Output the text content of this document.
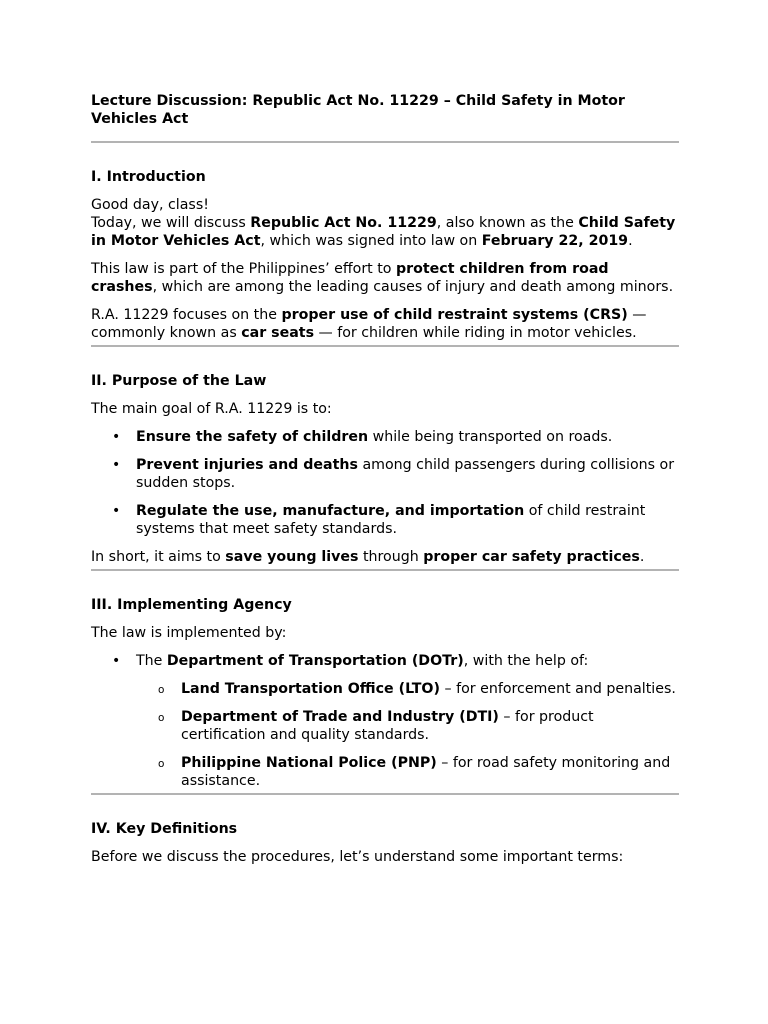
Lecture Discussion: Republic Act No. 11229 – Child Safety in Motor Vehicles Act

I. Introduction

Good day, class!

Today, we will discuss Republic Act No. 11229, also known as the Child Safety in Motor Vehicles Act, which was signed into law on February 22, 2019.

This law is part of the Philippines’ effort to protect children from road crashes, which are among the leading causes of injury and death among minors.

R.A. 11229 focuses on the proper use of child restraint systems (CRS) — commonly known as car seats — for children while riding in motor vehicles.

II. Purpose of the Law

The main goal of R.A. 11229 is to:

• Ensure the safety of children while being transported on roads.
• Prevent injuries and deaths among child passengers during collisions or sudden stops.
• Regulate the use, manufacture, and importation of child restraint systems that meet safety standards.

In short, it aims to save young lives through proper car safety practices.

III. Implementing Agency

The law is implemented by:

• The Department of Transportation (DOTr), with the help of:
o Land Transportation Office (LTO) – for enforcement and penalties.
o Department of Trade and Industry (DTI) – for product certification and quality standards.
o Philippine National Police (PNP) – for road safety monitoring and assistance.
IV. Key Definitions

Before we discuss the procedures, let’s understand some important terms:
